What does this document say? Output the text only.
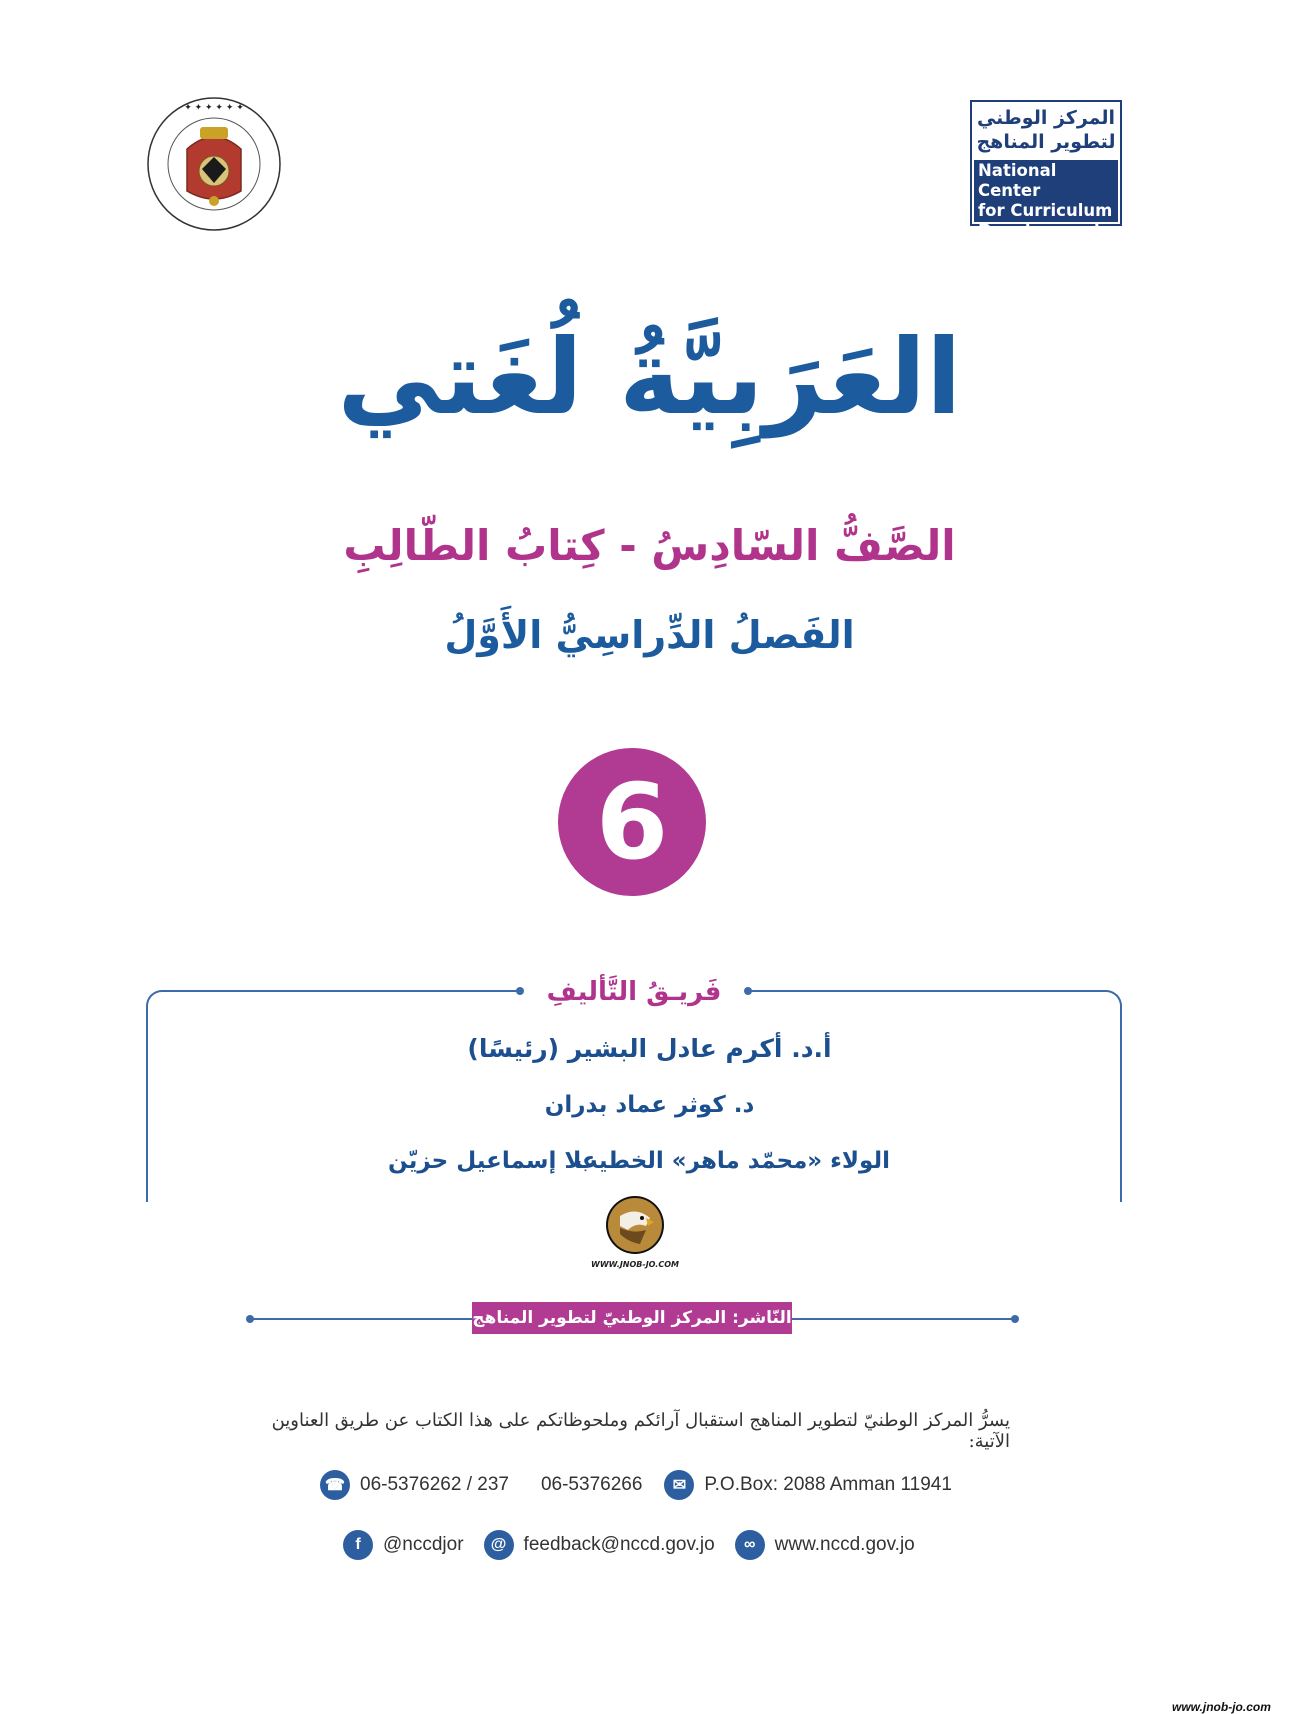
✦ ✦ ✦ ✦ ✦ ✦	المركز الوطني
لتطوير المناهج
National Center
for Curriculum
Development
العَرَبِيَّةُ لُغَتي
الصَّفُّ السّادِسُ - كِتابُ الطّالِبِ
الفَصلُ الدِّراسِيُّ الأَوَّلُ
6
فَريـقُ التَّأليفِ
أ.د. أكرم عادل البشير (رئيسًا)
د. كوثر عماد بدران
الولاء «محمّد ماهر» الخطيب
علا إسماعيل حزيّن
WWW.JNOB-JO.COM
النّاشر: المركز الوطنيّ لتطوير المناهج
يسرُّ المركز الوطنيّ لتطوير المناهج استقبال آرائكم وملحوظاتكم على هذا الكتاب عن طريق العناوين الآتية:
☎ 06-5376262 / 237 06-5376266	✉ P.O.Box: 2088 Amman 11941
f	@nccdjor	@ feedback@nccd.gov.jo	∞	www.nccd.gov.jo
www.jnob-jo.com
